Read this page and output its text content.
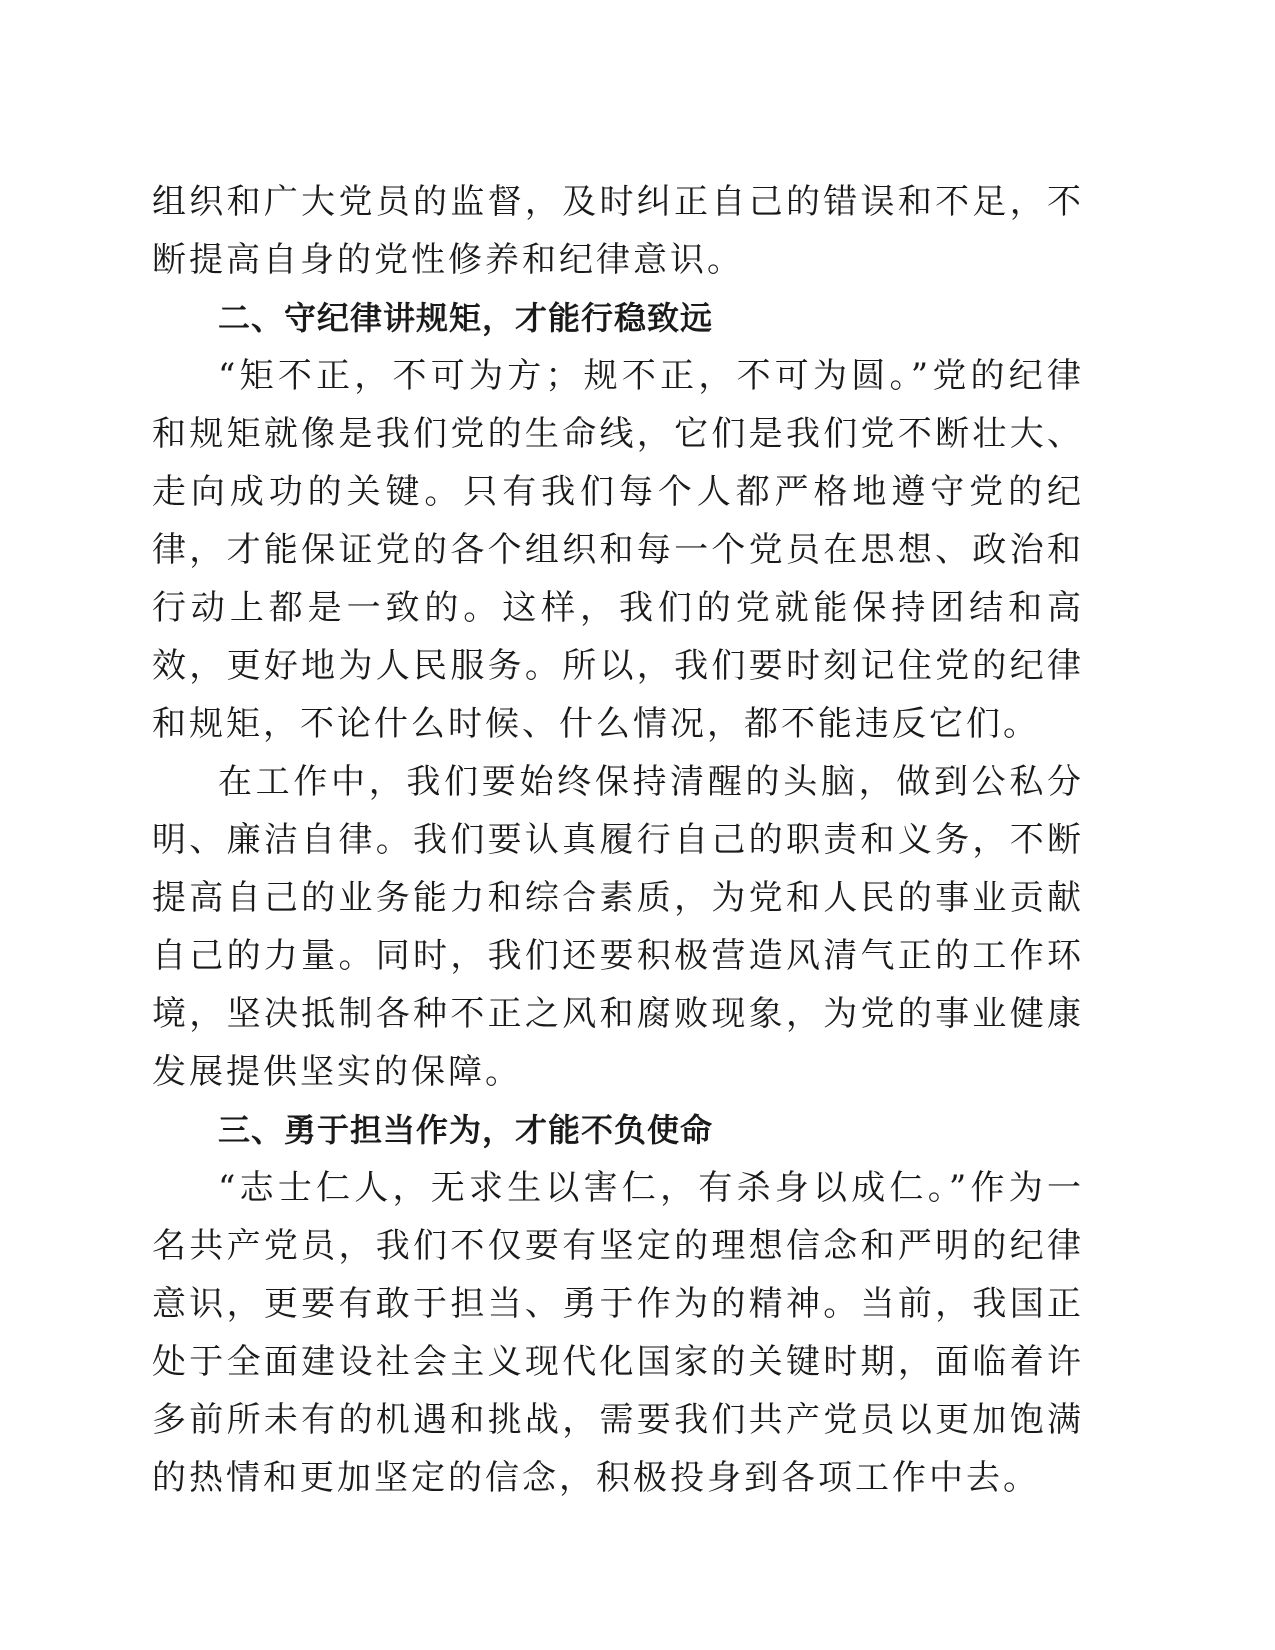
组织和广大党员的监督，及时纠正自己的错误和不足，不断提高自身的党性修养和纪律意识。

二、守纪律讲规矩，才能行稳致远

“矩不正，不可为方；规不正，不可为圆。”党的纪律和规矩就像是我们党的生命线，它们是我们党不断壮大、走向成功的关键。只有我们每个人都严格地遵守党的纪律，才能保证党的各个组织和每一个党员在思想、政治和行动上都是一致的。这样，我们的党就能保持团结和高效，更好地为人民服务。所以，我们要时刻记住党的纪律和规矩，不论什么时候、什么情况，都不能违反它们。

在工作中，我们要始终保持清醒的头脑，做到公私分明、廉洁自律。我们要认真履行自己的职责和义务，不断提高自己的业务能力和综合素质，为党和人民的事业贡献自己的力量。同时，我们还要积极营造风清气正的工作环境，坚决抵制各种不正之风和腐败现象，为党的事业健康发展提供坚实的保障。

三、勇于担当作为，才能不负使命

“志士仁人，无求生以害仁，有杀身以成仁。”作为一名共产党员，我们不仅要有坚定的理想信念和严明的纪律意识，更要有敢于担当、勇于作为的精神。当前，我国正处于全面建设社会主义现代化国家的关键时期，面临着许多前所未有的机遇和挑战，需要我们共产党员以更加饱满的热情和更加坚定的信念，积极投身到各项工作中去。
